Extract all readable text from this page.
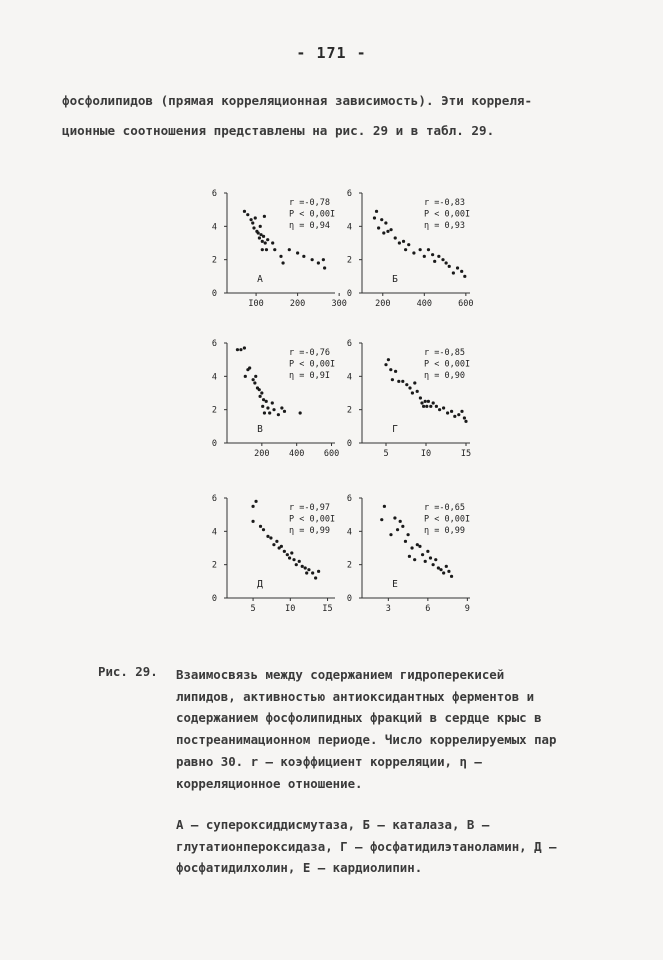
- 171 -
фосфолипидов (прямая корреляционная зависимость). Эти корреля-
ционные соотношения представлены на рис. 29 и в табл. 29.
0
2
4
6
I00	200	300
r =-0,78
P < 0,00I
η = 0,94
А
0
2
4
6
200	400	600
r =-0,83
P < 0,00I
η = 0,93
Б
0
2
4
6
200 400 600
r =-0,76
P < 0,00I
η = 0,9I
В
0
2
4
6
5	I0	I5
r =-0,85
P < 0,00I
η = 0,90
Г
0
2
4
6
5	I0	I5
r =-0,97
P < 0,00I
η = 0,99
Д
0
2
4
6
3	6	9
r =-0,65
P < 0,00I
η = 0,99
Е
Рис. 29. Взаимосвязь между содержанием гидроперекисей липидов, активностью антиоксидантных ферментов и содержанием фосфолипидных фракций в сердце крыс в постреанимационном периоде. Число коррелируемых пар равно 30. r – коэффициент корреляции, η – корреляционное отношение.
А – супероксиддисмутаза, Б – каталаза, В – глутатионпероксидаза, Г – фосфатидилэтаноламин, Д – фосфатидилхолин, Е – кардиолипин.
